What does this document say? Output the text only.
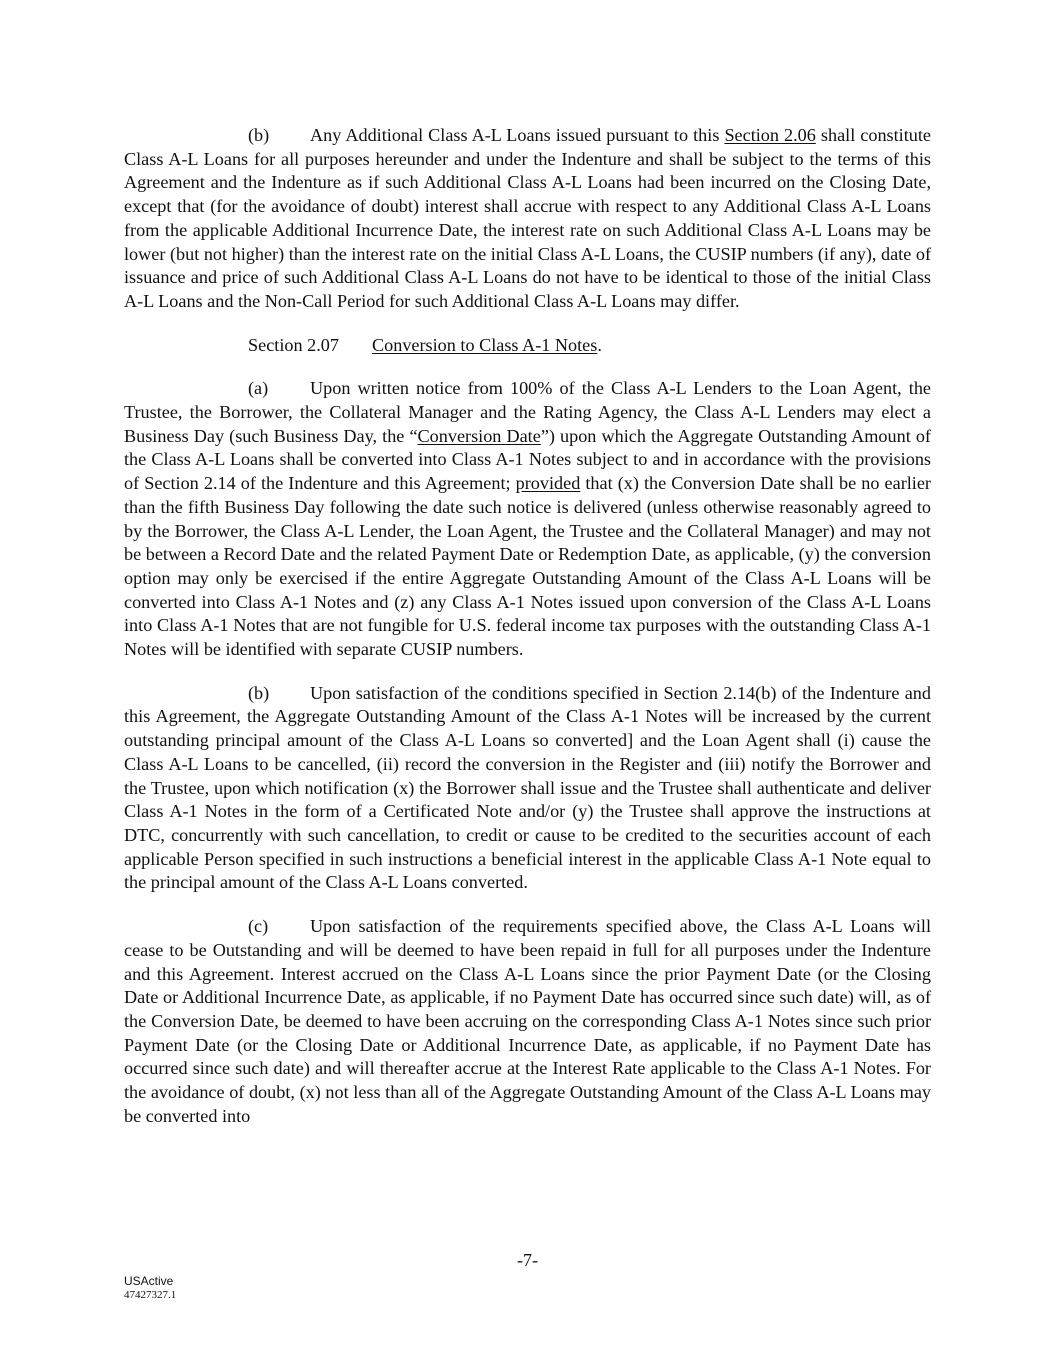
(b) Any Additional Class A-L Loans issued pursuant to this Section 2.06 shall constitute Class A-L Loans for all purposes hereunder and under the Indenture and shall be subject to the terms of this Agreement and the Indenture as if such Additional Class A-L Loans had been incurred on the Closing Date, except that (for the avoidance of doubt) interest shall accrue with respect to any Additional Class A-L Loans from the applicable Additional Incurrence Date, the interest rate on such Additional Class A-L Loans may be lower (but not higher) than the interest rate on the initial Class A-L Loans, the CUSIP numbers (if any), date of issuance and price of such Additional Class A-L Loans do not have to be identical to those of the initial Class A-L Loans and the Non-Call Period for such Additional Class A-L Loans may differ.

Section 2.07 Conversion to Class A-1 Notes.

(a) Upon written notice from 100% of the Class A-L Lenders to the Loan Agent, the Trustee, the Borrower, the Collateral Manager and the Rating Agency, the Class A-L Lenders may elect a Business Day (such Business Day, the “Conversion Date”) upon which the Aggregate Outstanding Amount of the Class A-L Loans shall be converted into Class A-1 Notes subject to and in accordance with the provisions of Section 2.14 of the Indenture and this Agreement; provided that (x) the Conversion Date shall be no earlier than the fifth Business Day following the date such notice is delivered (unless otherwise reasonably agreed to by the Borrower, the Class A-L Lender, the Loan Agent, the Trustee and the Collateral Manager) and may not be between a Record Date and the related Payment Date or Redemption Date, as applicable, (y) the conversion option may only be exercised if the entire Aggregate Outstanding Amount of the Class A-L Loans will be converted into Class A-1 Notes and (z) any Class A-1 Notes issued upon conversion of the Class A-L Loans into Class A-1 Notes that are not fungible for U.S. federal income tax purposes with the outstanding Class A-1 Notes will be identified with separate CUSIP numbers.

(b) Upon satisfaction of the conditions specified in Section 2.14(b) of the Indenture and this Agreement, the Aggregate Outstanding Amount of the Class A-1 Notes will be increased by the current outstanding principal amount of the Class A-L Loans so converted] and the Loan Agent shall (i) cause the Class A-L Loans to be cancelled, (ii) record the conversion in the Register and (iii) notify the Borrower and the Trustee, upon which notification (x) the Borrower shall issue and the Trustee shall authenticate and deliver Class A-1 Notes in the form of a Certificated Note and/or (y) the Trustee shall approve the instructions at DTC, concurrently with such cancellation, to credit or cause to be credited to the securities account of each applicable Person specified in such instructions a beneficial interest in the applicable Class A-1 Note equal to the principal amount of the Class A-L Loans converted.

(c) Upon satisfaction of the requirements specified above, the Class A-L Loans will cease to be Outstanding and will be deemed to have been repaid in full for all purposes under the Indenture and this Agreement. Interest accrued on the Class A-L Loans since the prior Payment Date (or the Closing Date or Additional Incurrence Date, as applicable, if no Payment Date has occurred since such date) will, as of the Conversion Date, be deemed to have been accruing on the corresponding Class A-1 Notes since such prior Payment Date (or the Closing Date or Additional Incurrence Date, as applicable, if no Payment Date has occurred since such date) and will thereafter accrue at the Interest Rate applicable to the Class A-1 Notes. For the avoidance of doubt, (x) not less than all of the Aggregate Outstanding Amount of the Class A-L Loans may be converted into

-7-
USActive
47427327.1
